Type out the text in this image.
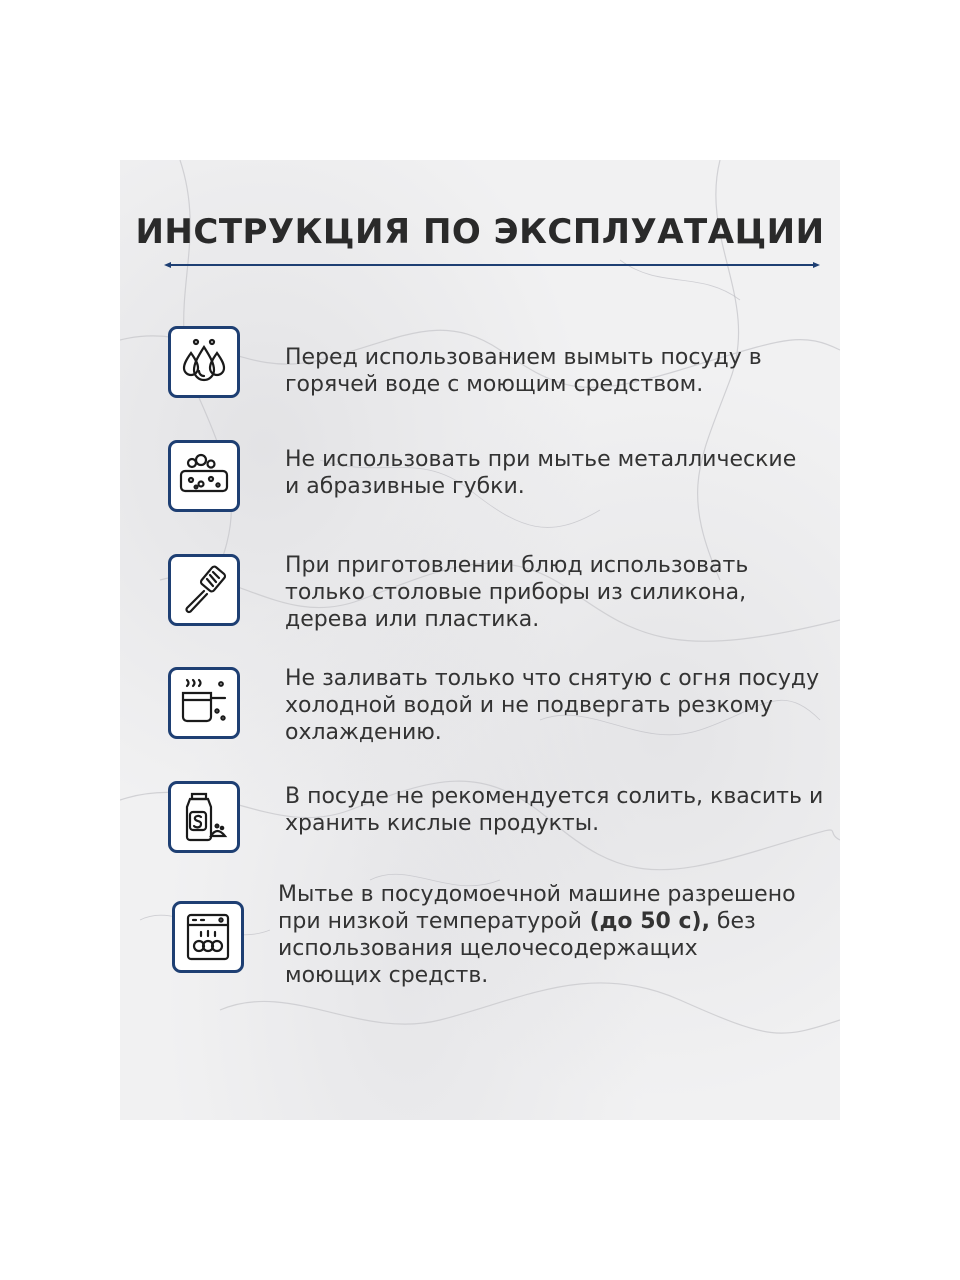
ИНСТРУКЦИЯ ПО ЭКСПЛУАТАЦИИ
Перед использованием вымыть посуду в
горячей воде с моющим средством.
Не использовать при мытье металлические
и абразивные губки.
При приготовлении блюд использовать
только столовые приборы из силикона,
дерева или пластика.
Не заливать только что снятую с огня посуду
холодной водой и не подвергать резкому
охлаждению.
В посуде не рекомендуется солить, квасить и
хранить кислые продукты.
Мытье в посудомоечной машине разрешено
при низкой температурой (до 50 с), без
использования щелочесодержащих
моющих средств.
